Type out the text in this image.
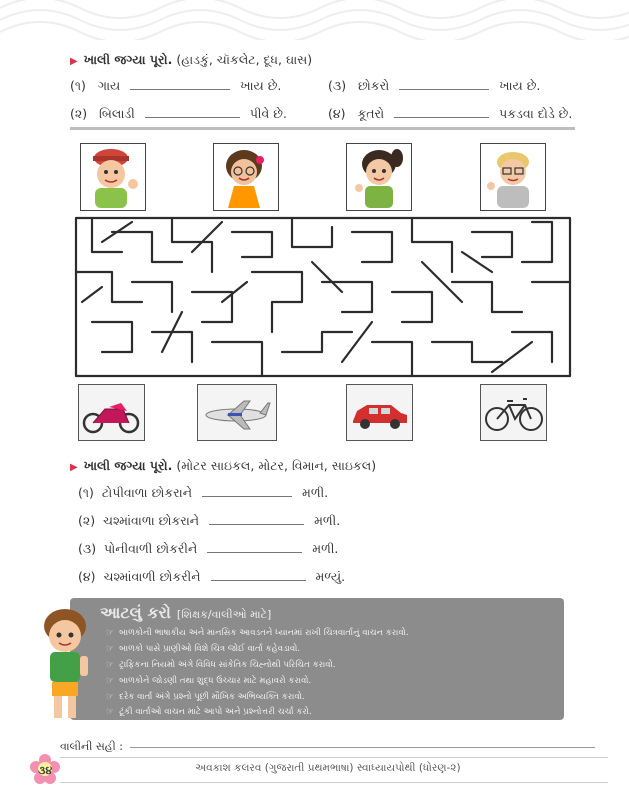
▶ ખાલી જગ્યા પૂરો. (હાડકું, ચૉકલેટ, દૂધ, ઘાસ)
(૧) ગાય	ખાય છે.	(૩) છોકરો	ખાય છે.
(૨) બિલાડી	પીવે છે.	(૪) કૂતરો	પકડવા દોડે છે.
▶ ખાલી જગ્યા પૂરો. (મોટર સાઇકલ, મોટર, વિમાન, સાઇકલ)
(૧) ટોપીવાળા છોકરાને	મળી.
(૨) ચશ્માંવાળા છોકરાને	મળી.
(૩) પોનીવાળી છોકરીને	મળી.
(૪) ચશ્માંવાળી છોકરીને	મળ્યું.
આટલું કરો [શિક્ષક/વાલીઓ માટે]
☞ બાળકોની ભાષાકીય અને માનસિક આવડતને ધ્યાનમાં રાખી ચિત્રવાર્તાનું વાચન કરાવો.
☞ બાળકો પાસે પ્રાણીઓ વિશે ચિત્ર જોઈ વાર્તા કહેવડાવો.
☞ ટ્રાફિકના નિયમો અંગે વિવિધ સાંકેતિક ચિહ્નોથી પરિચિત કરાવો.
☞ બાળકોને જોડણી તથા શુદ્ધ ઉચ્ચાર માટે મહાવરો કરાવો.
☞ દરેક વાર્તા અંગે પ્રશ્નો પૂછી મૌખિક અભિવ્યક્તિ કરાવો.
☞ ટૂંકી વાર્તાઓ વાચન માટે આપો અને પ્રશ્નોત્તરી ચર્ચા કરો.
વાલીની સહી :
૩૪	અવકાશ કલરવ (ગુજરાતી પ્રથમભાષા) સ્વાધ્યાયપોથી (ધોરણ-૨)
